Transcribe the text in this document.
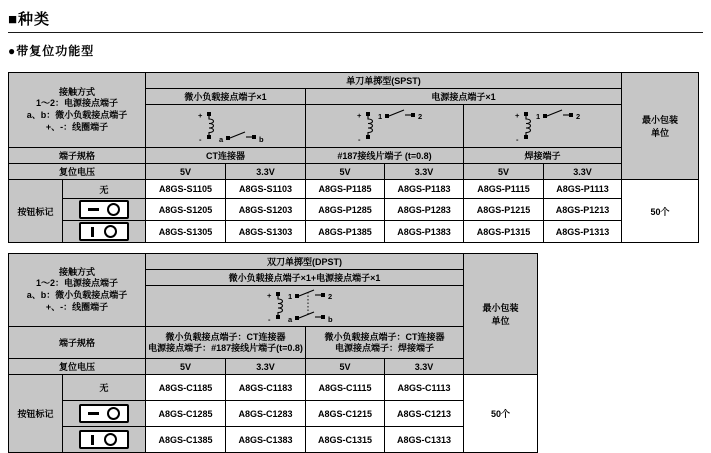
■种类
●带复位功能型
接触方式
1～2：电源接点端子
a、b：微小负载接点端子
+、-：线圈端子
	单刀单掷型(SPST)	
最小包装
单位

		微小负载接点端子×1		电源接点端子×1				

+
- a b		+
-
1 2		+
-
1 2		

端子规格		CT连接器		#187接线片端子 (t=0.8)		焊接端子		
复位电压		5V	3.3V	5V	3.3V	5V	3.3V	
按钮标记	无	A8GS-S1105	A8GS-S1103	A8GS-P1185	A8GS-P1183	A8GS-P1115	A8GS-P1113	50个

		A8GS-S1205	A8GS-S1203	A8GS-P1285	A8GS-P1283	A8GS-P1215	A8GS-P1213	

		A8GS-S1305	A8GS-S1303	A8GS-P1385	A8GS-P1383	A8GS-P1315	A8GS-P1313	
接触方式
1～2：电源接点端子
a、b：微小负载接点端子
+、-：线圈端子
	双刀单掷型(DPST)	
最小包装
单位

		微小负载接点端子×1+电源接点端子×1				

+
-
1	2
a	b

端子规格	
微小负载接点端子：CT连接器
电源接点端子：#187接线片端子(t=0.8)

微小负载接点端子：CT连接器
电源接点端子：焊接端子

复位电压		5V	3.3V	5V	3.3V	
按钮标记	无	A8GS-C1185	A8GS-C1183	A8GS-C1115	A8GS-C1113	50个

		A8GS-C1285	A8GS-C1283	A8GS-C1215	A8GS-C1213	

		A8GS-C1385	A8GS-C1383	A8GS-C1315	A8GS-C1313	
